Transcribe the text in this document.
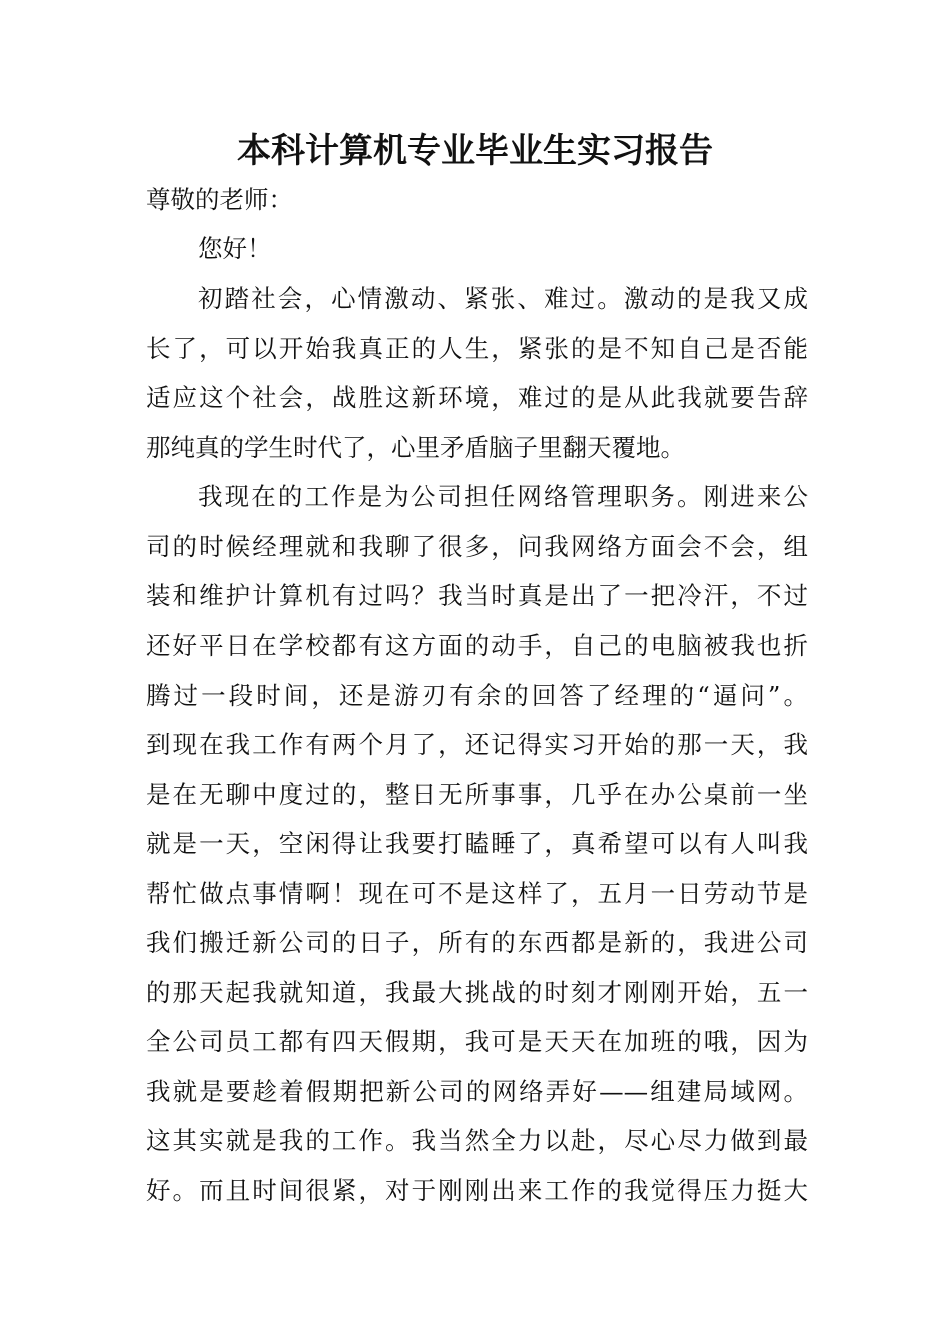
本科计算机专业毕业生实习报告

尊敬的老师：

您好！

初踏社会，心情激动、紧张、难过。激动的是我又成

长了，可以开始我真正的人生，紧张的是不知自己是否能

适应这个社会，战胜这新环境，难过的是从此我就要告辞

那纯真的学生时代了，心里矛盾脑子里翻天覆地。

我现在的工作是为公司担任网络管理职务。刚进来公

司的时候经理就和我聊了很多，问我网络方面会不会，组

装和维护计算机有过吗？我当时真是出了一把冷汗，不过

还好平日在学校都有这方面的动手，自己的电脑被我也折

腾过一段时间，还是游刃有余的回答了经理的“逼问”。

到现在我工作有两个月了，还记得实习开始的那一天，我

是在无聊中度过的，整日无所事事，几乎在办公桌前一坐

就是一天，空闲得让我要打瞌睡了，真希望可以有人叫我

帮忙做点事情啊！现在可不是这样了，五月一日劳动节是

我们搬迁新公司的日子，所有的东西都是新的，我进公司

的那天起我就知道，我最大挑战的时刻才刚刚开始，五一

全公司员工都有四天假期，我可是天天在加班的哦，因为

我就是要趁着假期把新公司的网络弄好——组建局域网。

这其实就是我的工作。我当然全力以赴，尽心尽力做到最

好。而且时间很紧，对于刚刚出来工作的我觉得压力挺大
